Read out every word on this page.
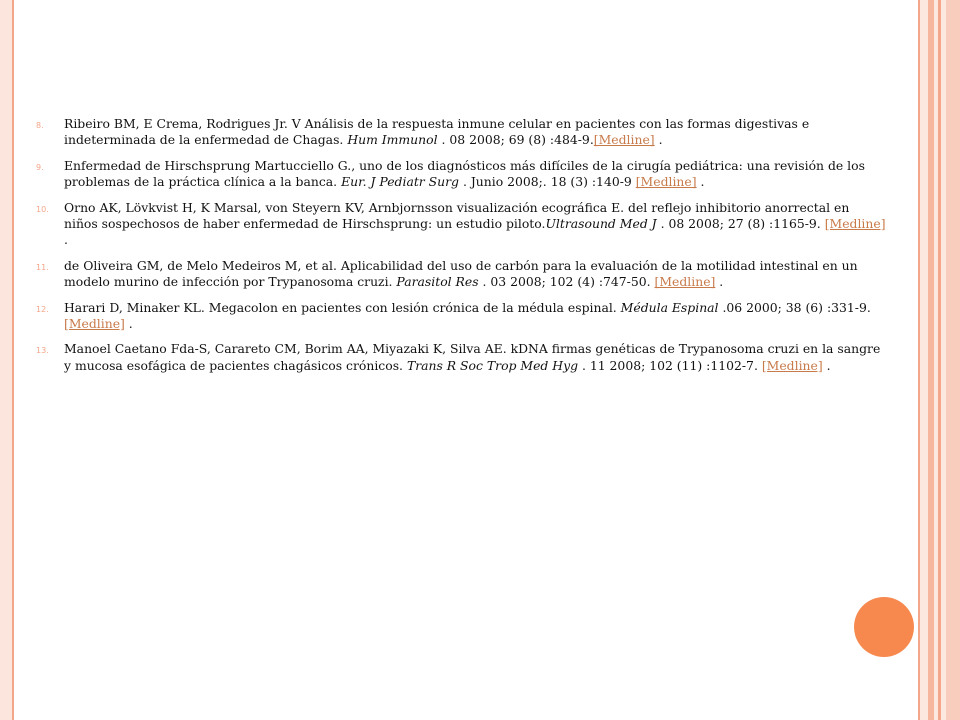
8.	Ribeiro BM, E Crema, Rodrigues Jr. V Análisis de la respuesta inmune celular en pacientes con las formas digestivas e indeterminada de la enfermedad de Chagas. Hum Immunol . 08 2008; 69 (8) :484-9.[Medline] .
9.	Enfermedad de Hirschsprung Martucciello G., uno de los diagnósticos más difíciles de la cirugía pediátrica: una revisión de los problemas de la práctica clínica a la banca. Eur. J Pediatr Surg . Junio 2008;. 18 (3) :140-9 [Medline] .
10.	Orno AK, Lövkvist H, K Marsal, von Steyern KV, Arnbjornsson visualización ecográfica E. del reflejo inhibitorio anorrectal en niños sospechosos de haber enfermedad de Hirschsprung: un estudio piloto.Ultrasound Med J . 08 2008; 27 (8) :1165-9. [Medline] .
11.	de Oliveira GM, de Melo Medeiros M, et al. Aplicabilidad del uso de carbón para la evaluación de la motilidad intestinal en un modelo murino de infección por Trypanosoma cruzi. Parasitol Res . 03 2008; 102 (4) :747-50. [Medline] .
12.	Harari D, Minaker KL. Megacolon en pacientes con lesión crónica de la médula espinal. Médula Espinal .06 2000; 38 (6) :331-9. [Medline] .
13.	Manoel Caetano Fda-S, Carareto CM, Borim AA, Miyazaki K, Silva AE. kDNA firmas genéticas de Trypanosoma cruzi en la sangre y mucosa esofágica de pacientes chagásicos crónicos. Trans R Soc Trop Med Hyg . 11 2008; 102 (11) :1102-7. [Medline] .
